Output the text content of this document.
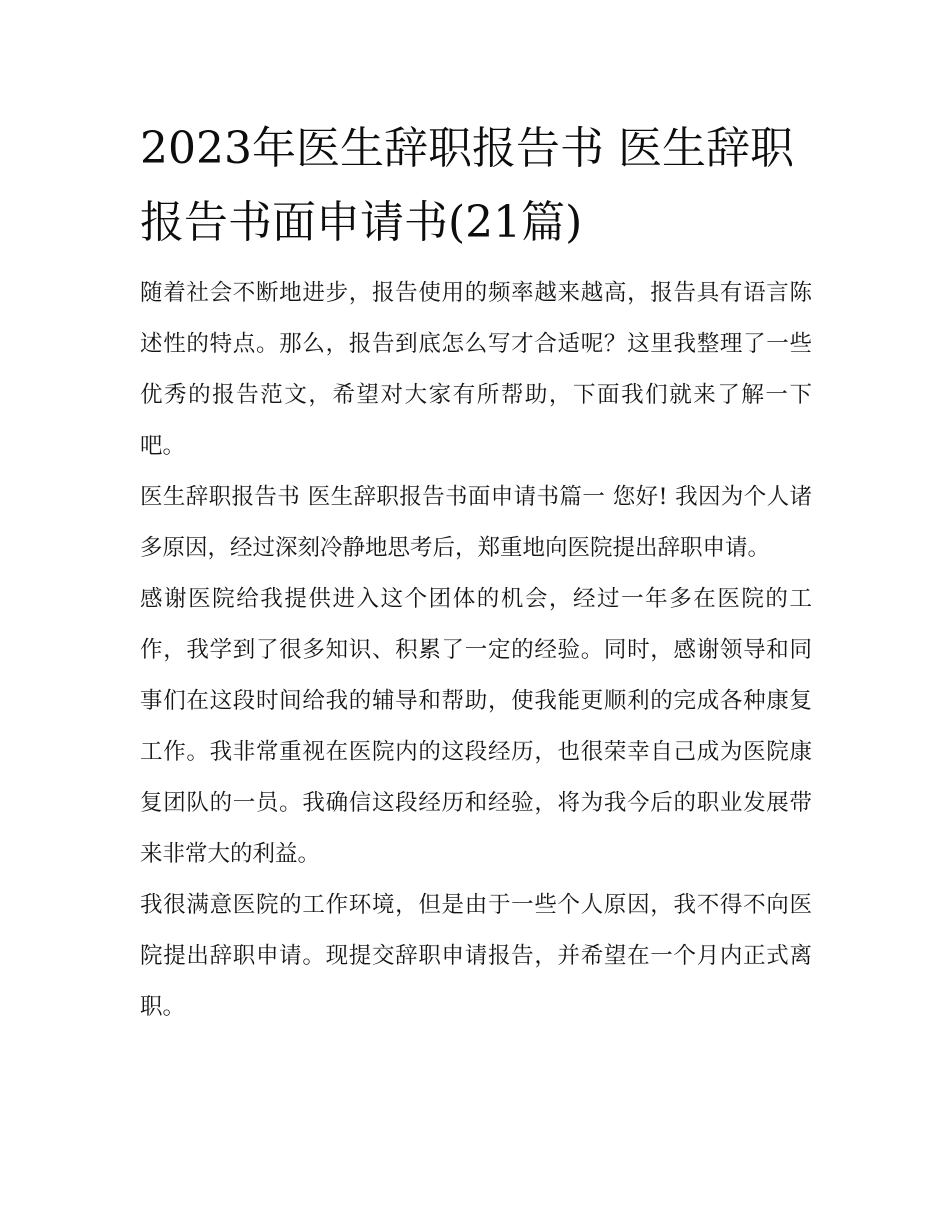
2023年医生辞职报告书 医生辞职报告书面申请书(21篇)

随着社会不断地进步，报告使用的频率越来越高，报告具有语言陈述性的特点。那么，报告到底怎么写才合适呢？这里我整理了一些优秀的报告范文，希望对大家有所帮助，下面我们就来了解一下吧。

医生辞职报告书 医生辞职报告书面申请书篇一 您好! 我因为个人诸多原因，经过深刻冷静地思考后，郑重地向医院提出辞职申请。

感谢医院给我提供进入这个团体的机会，经过一年多在医院的工作，我学到了很多知识、积累了一定的经验。同时，感谢领导和同事们在这段时间给我的辅导和帮助，使我能更顺利的完成各种康复工作。我非常重视在医院内的这段经历，也很荣幸自己成为医院康复团队的一员。我确信这段经历和经验，将为我今后的职业发展带来非常大的利益。

我很满意医院的工作环境，但是由于一些个人原因，我不得不向医院提出辞职申请。现提交辞职申请报告，并希望在一个月内正式离职。
